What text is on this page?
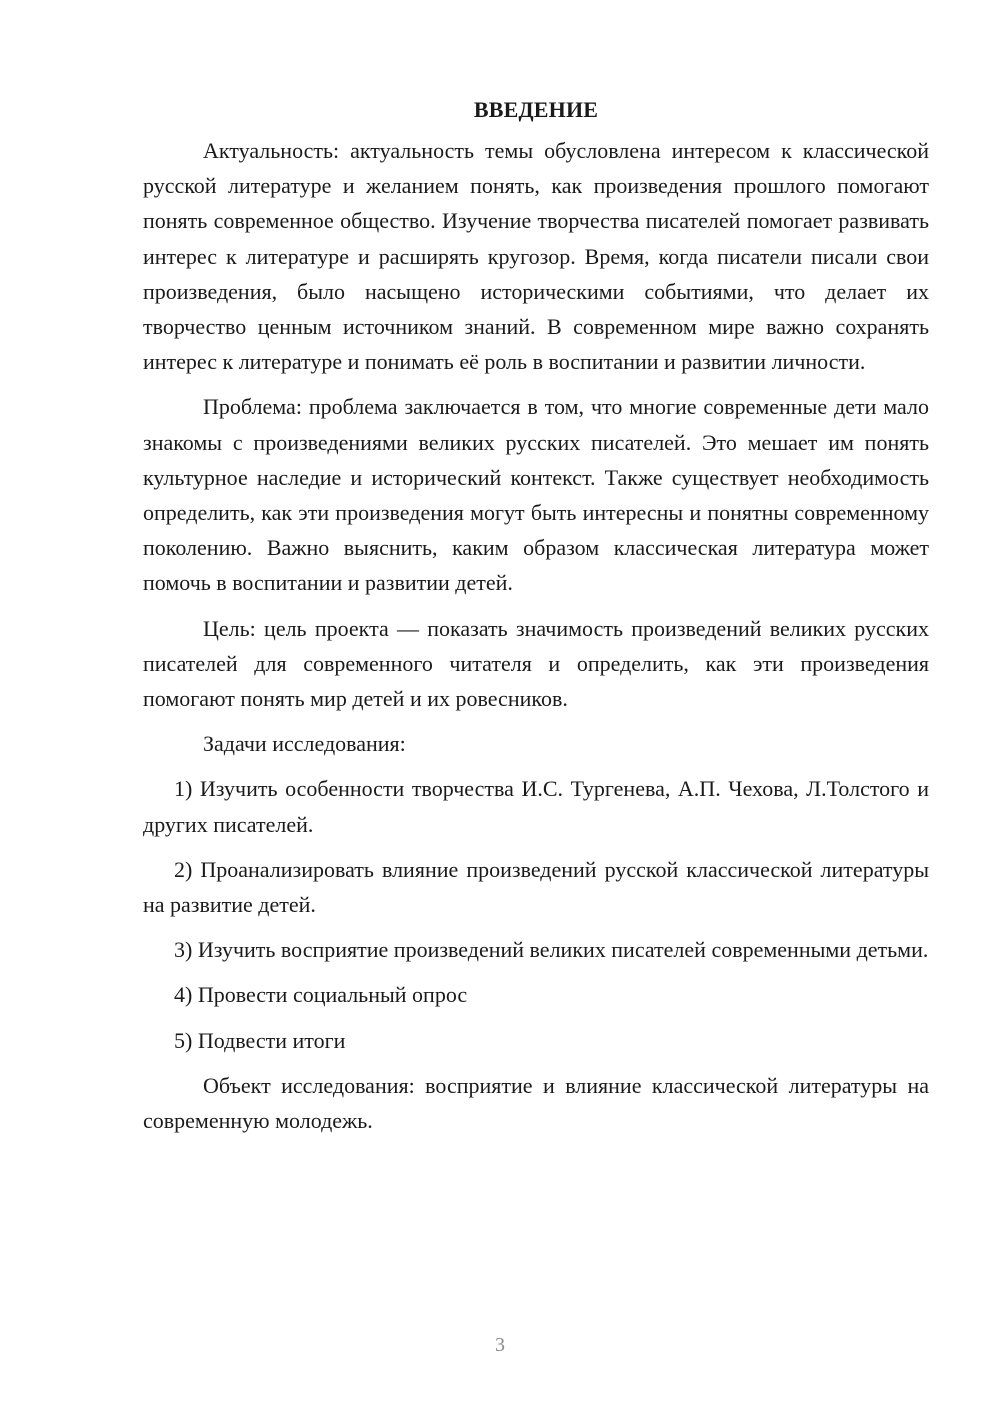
ВВЕДЕНИЕ

Актуальность: актуальность темы обусловлена интересом к классической русской литературе и желанием понять, как произведения прошлого помогают понять современное общество. Изучение творчества писателей помогает развивать интерес к литературе и расширять кругозор. Время, когда писатели писали свои произведения, было насыщено историческими событиями, что делает их творчество ценным источником знаний. В современном мире важно сохранять интерес к литературе и понимать её роль в воспитании и развитии личности.

Проблема: проблема заключается в том, что многие современные дети мало знакомы с произведениями великих русских писателей. Это мешает им понять культурное наследие и исторический контекст. Также существует необходимость определить, как эти произведения могут быть интересны и понятны современному поколению. Важно выяснить, каким образом классическая литература может помочь в воспитании и развитии детей.

Цель: цель проекта — показать значимость произведений великих русских писателей для современного читателя и определить, как эти произведения помогают понять мир детей и их ровесников.

Задачи исследования:

1) Изучить особенности творчества И.С. Тургенева, А.П. Чехова, Л.Толстого и других писателей.

2) Проанализировать влияние произведений русской классической литературы на развитие детей.

3) Изучить восприятие произведений великих писателей современными детьми.

4) Провести социальный опрос

5) Подвести итоги

Объект исследования: восприятие и влияние классической литературы на современную молодежь.

3
